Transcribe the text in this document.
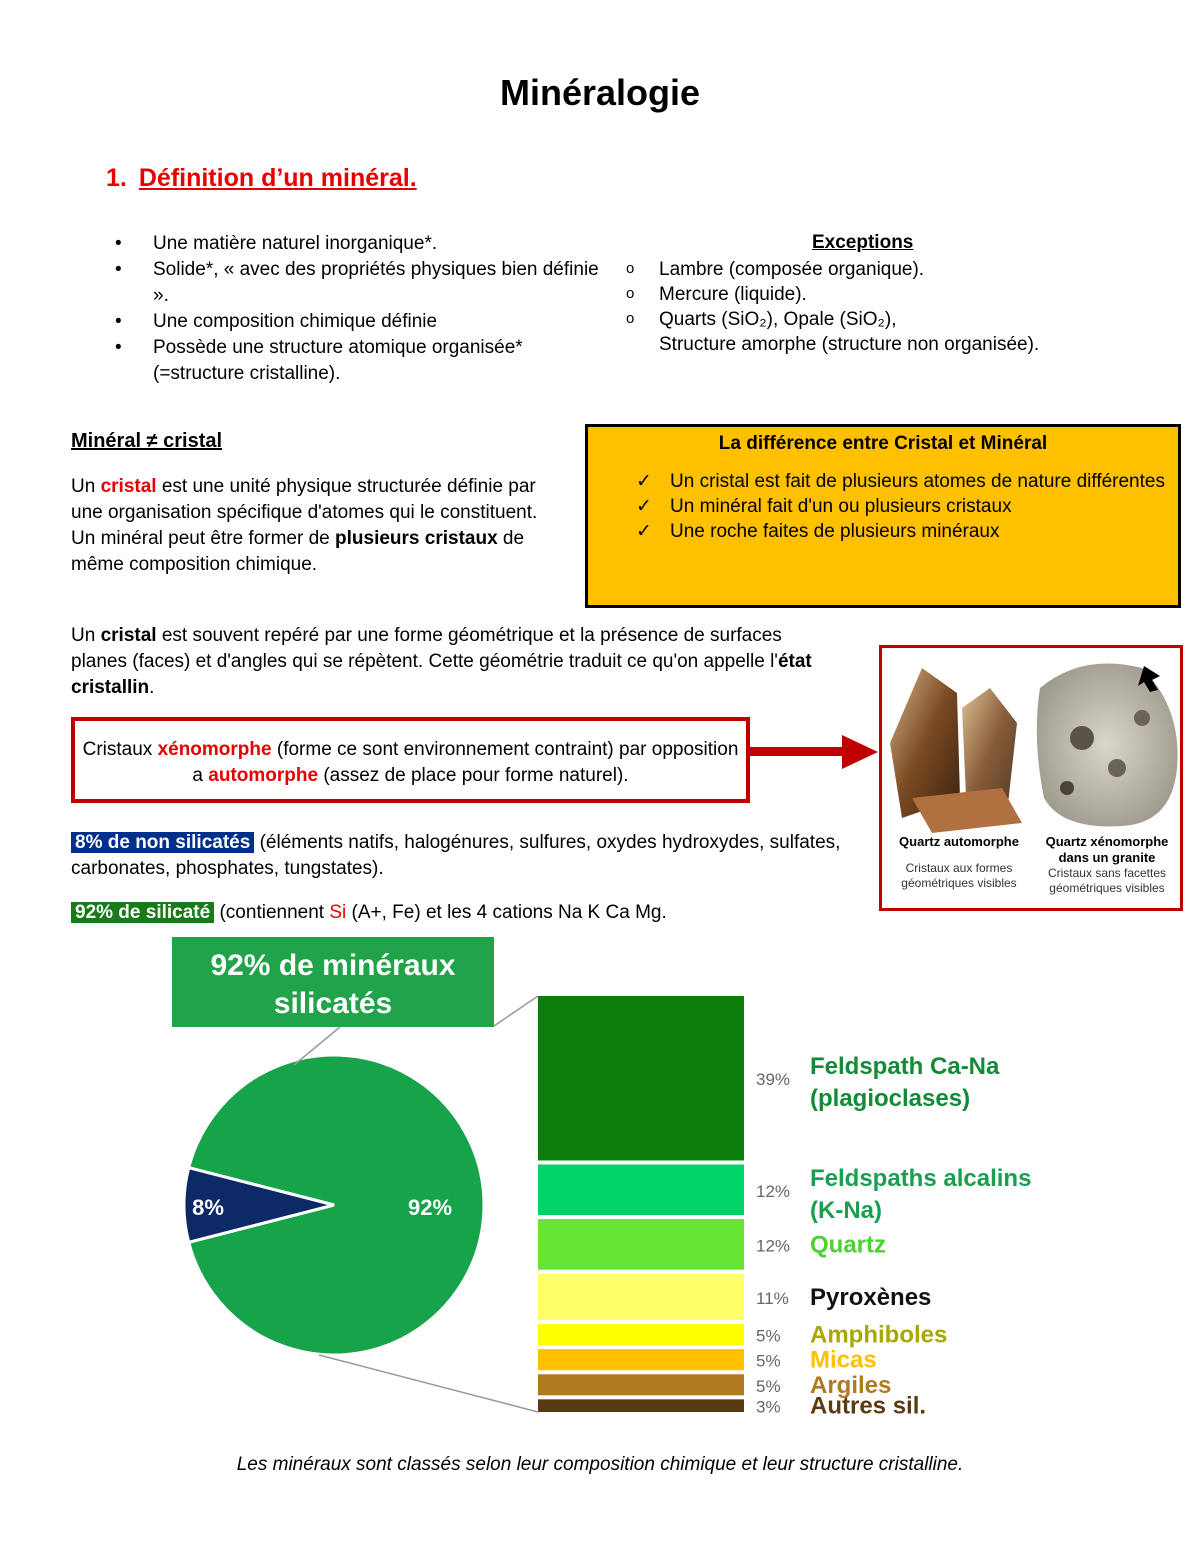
Minéralogie
1. Définition d’un minéral.
• Une matière naturel inorganique*.
• Solide*, « avec des propriétés physiques bien définie ».
• Une composition chimique définie
• Possède une structure atomique organisée* (=structure cristalline).
Exceptions
o Lambre (composée organique).
o Mercure (liquide).
o Quarts (SiO₂), Opale (SiO₂),
Structure amorphe (structure non organisée).
Minéral ≠ cristal
Un cristal est une unité physique structurée définie par une organisation spécifique d'atomes qui le constituent.
Un minéral peut être former de plusieurs cristaux de même composition chimique.
La différence entre Cristal et Minéral
✓ Un cristal est fait de plusieurs atomes de nature différentes
✓ Un minéral fait d'un ou plusieurs cristaux
✓ Une roche faites de plusieurs minéraux
Un cristal est souvent repéré par une forme géométrique et la présence de surfaces planes (faces) et d'angles qui se répètent. Cette géométrie traduit ce qu'on appelle l'état cristallin.
Cristaux xénomorphe (forme ce sont environnement contraint) par opposition a automorphe (assez de place pour forme naturel).
Quartz automorphe
Cristaux aux formes géométriques visibles
Quartz xénomorphe dans un granite
Cristaux sans facettes géométriques visibles
8% de non silicatés (éléments natifs, halogénures, sulfures, oxydes hydroxydes, sulfates, carbonates, phosphates, tungstates).
92% de silicaté (contiennent Si (A+, Fe) et les 4 cations Na K Ca Mg.
92% de minéraux
silicatés
8%	92%
39% Feldspath Ca-Na
(plagioclases)
12% Feldspaths alcalins
(K-Na)
12% Quartz
11% Pyroxènes
5% Amphiboles
5% Micas
5% Argiles
3% Autres sil.
Les minéraux sont classés selon leur composition chimique et leur structure cristalline.
